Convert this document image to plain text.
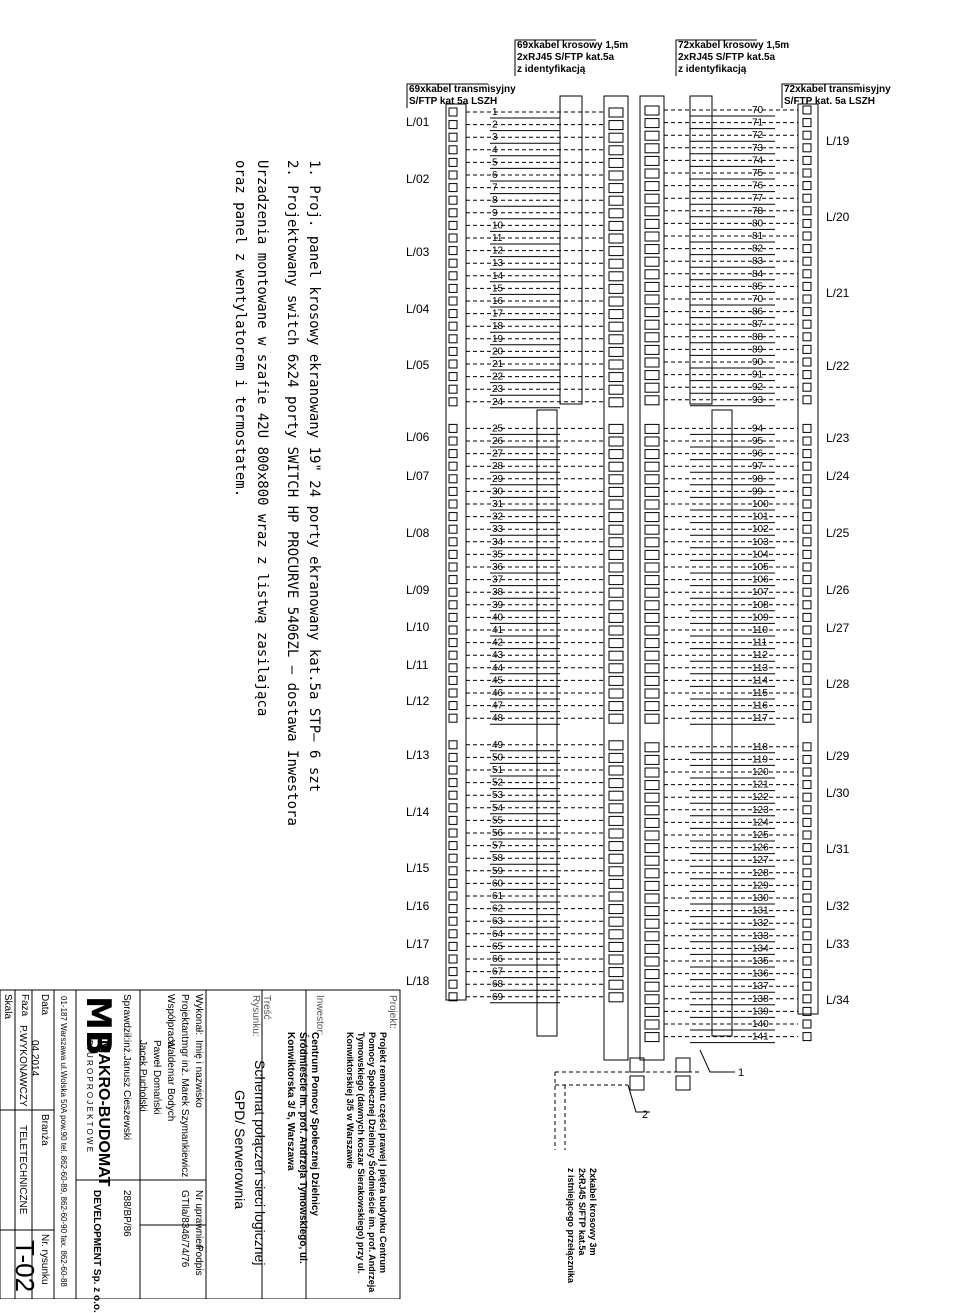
69xkabel krosowy 1,5m
2xRJ45 S/FTP kat.5a
z identyfikacją
72xkabel krosowy 1,5m
2xRJ45 S/FTP kat.5a
z identyfikacją
69xkabel transmisyjny
S/FTP kat 5a LSZH
72xkabel transmisyjny
S/FTP kat. 5a LSZH
1
2
3
4
5
6
7
8
9
10
11
12
13
14
15
16
17
18
19
20
21
22
23
24
25
26
27
28
29
30
31
32
33
34
35
36
37
38
39
40
41
42
43
44
45
46
47
48
49
50
51
52
53
54
55
56
57
58
59
60
61
62
63
64
65
66
67
68
69
70
71
72
73
74
75
76
77
78
80
81
82
83
84
85
70
86
87
88
89
90
91
92
93
94
95
96
97
98
99
100
101
102
103
104
105
106
107
108
109
110
111
112
113
114
115
116
117
118
119
120
121
122
123
124
125
126
127
128
129
130
131
132
133
134
135
136
137
138
139
140
141
L/01
L/02
L/03
L/04
L/05
L/06
L/07
L/08
L/09
L/10
L/11
L/12
L/13
L/14
L/15
L/16
L/17
L/18
L/19
L/20
L/21
L/22
L/23
L/24
L/25
L/26
L/27
L/28
L/29
L/30
L/31
L/32
L/33
L/34
1
2
1. Proj. panel krosowy ekranowany 19" 24 porty ekranowany kat.5a STP– 6 szt
2. Projektowany switch 6x24 porty SWITCH HP PROCURVE 5406ZL – dostawa Inwestora
Urzadzenia montowane w szafie 42U 800x800 wraz z listwą zasilająca
oraz panel z wentylatorem i termostatem.
2xkabel krosowy 3m
2xRJ45 S/FTP kat.5a
z istniejącego przełącznika
Projekt:
Projekt remontu części prawej I piętra budynku Centrum Pomocy Społecznej Dzielnicy Śródmieście im. prof. Andrzeja Tymowskiego (dawnych koszar Sierakowskiego) przy ul. Konwiktorskiej 3/5 w Warszawie
Inwestor:
Centrum Pomocy Społecznej Dzielnicy Śródmieście im. prof. Andrzeja Tymowskiego, ul. Konwiktorska 3/ 5, Warszawa
Treść Rysunku:
Schemat połączeń sieci logicznej
GPD/ Serwerownia
Wykonał:
Imię i nazwisko
Nr uprawnień
Podpis
Projektant:
mgr inż. Marek Szymankiewicz
GTIla/8346/74/76
Współpraca:
Waldemar Bodych
Paweł Domański
Jacek Pucholski
Sprawdził:
inż.Janusz Cieszewski
288/BP/86
MB
MAKRO-BUDOMAT
B I U R O P R O J E K T O W E
DEVELOPMENT Sp. z o.o.
01-187 Warszawa ul.Wolska 50A pow.90 tel. 862-60-89, 862-60-90 fax. 862-60-88
Data
04.2014
Branża
TELETECHNICZNE
Nr. rysunku
T-02
Faza
P.WYKONAWCZY
Skala
